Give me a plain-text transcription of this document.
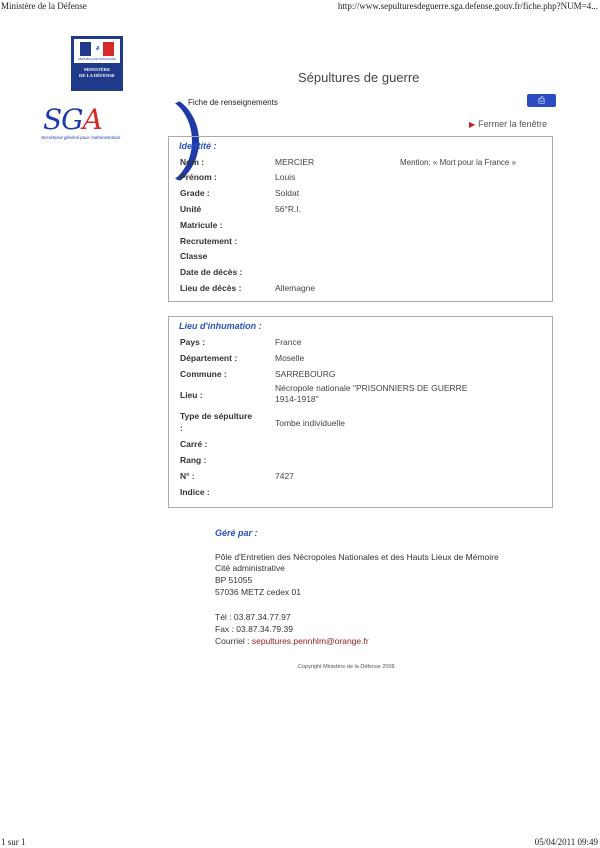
Ministère de la Défense	http://www.sepulturesdeguerre.sga.defense.gouv.fr/fiche.php?NUM=4...
⚘
RÉPUBLIQUE FRANÇAISE
MINISTÈRE
DE LA DÉFENSE
SGA
Secrétariat général pour l'administration
Sépultures de guerre
Fiche de renseignements	⎙
▶ Fermer la fenêtre
Identité :
Nom :	MERCIER	Mention: « Mort pour la France »
Prénom :	Louis
Grade :	Soldat
Unité	56°R.I.
Matricule :
Recrutement :
Classe
Date de décès :
Lieu de décès :	Allemagne
Lieu d'inhumation :
Pays :	France
Département :	Moselle
Commune :	SARREBOURG
Lieu :
Nécropole nationale "PRISONNIERS DE GUERRE
1914-1918"
Type de sépulture
:	Tombe individuelle
Carré :
Rang :
N° :	7427
Indice :
Géré par :
Pôle d'Entretien des Nécropoles Nationales et des Hauts Lieux de Mémoire
Cité administrative
BP 51055
57036 METZ cedex 01
Tél : 03.87.34.77.97
Fax : 03.87.34.79.39
Courriel : sepultures.pennhlm@orange.fr
Copyright Ministère de la Défense 2008
1 sur 1	05/04/2011 09:49
